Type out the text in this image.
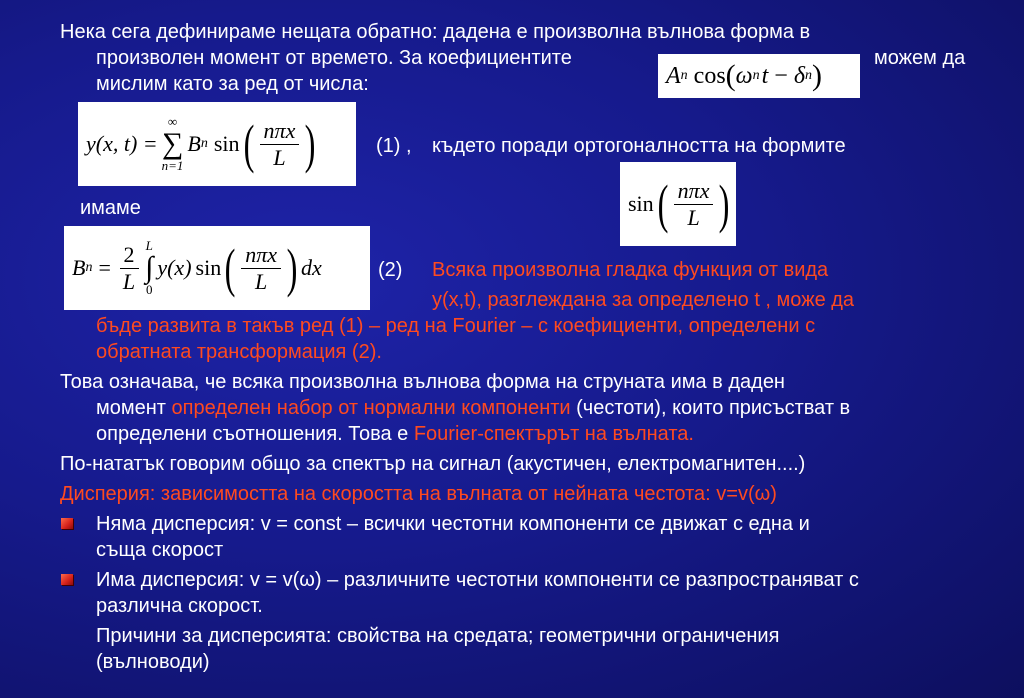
Нека сега дефинираме нещата обратно: дадена е произволна вълнова форма в
произволен момент от времето. За коефициентите	можем да
мислим като за ред от числа:	A n cos ( ω n t − δ n )
y(x, t) =
∞
∑
n=1
B n sin ( $\frac{\text{nπx}}{L}$ )	(1) , където поради ортогоналността на формите
sin ( $\frac{\text{nπx}}{L}$ )
имаме
B $n = \frac{2}{L}$ L
∫
0
y(x) sin ( $\frac{\text{nπx}}{L}$ ) dx	(2) Всяка произволна гладка функция от вида
y(x,t), разглеждана за определено t , може да
бъде развита в такъв ред (1) – ред на Fourier – с коефициенти, определени с
обратната трансформация (2).
Това означава, че всяка произволна вълнова форма на струната има в даден
момент определен набор от нормални компоненти (честоти), които присъстват в
определени съотношения. Това е Fourier-спектърът на вълната.
По-нататък говорим общо за спектър на сигнал (акустичен, електромагнитен....)
Дисперия: зависимостта на скоростта на вълната от нейната честота: v=v(ω)
Няма дисперсия: v = const – всички честотни компоненти се движат с една и
съща скорост
Има дисперсия: v = v(ω) – различните честотни компоненти се разпространяват с
различна скорост.
Причини за дисперсията: свойства на средата; геометрични ограничения
(вълноводи)
